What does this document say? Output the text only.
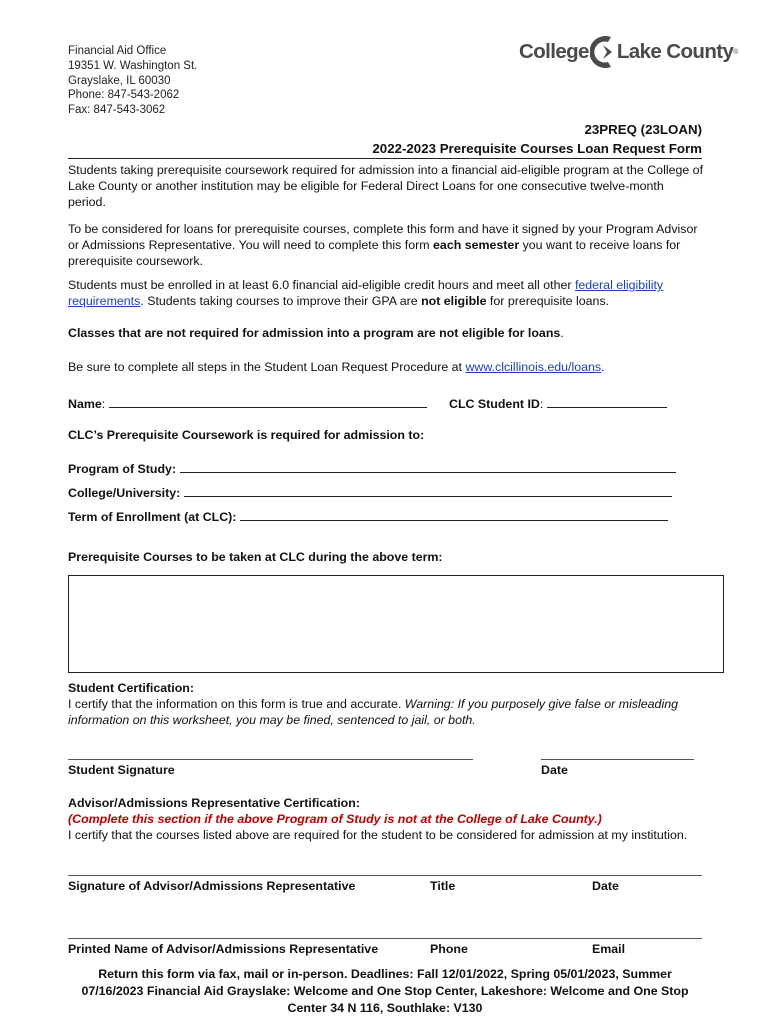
Financial Aid Office
19351 W. Washington St.
Grayslake, IL 60030
Phone: 847-543-2062
Fax: 847-543-3062
College Lake County ®
23PREQ (23LOAN)
2022-2023 Prerequisite Courses Loan Request Form
Students taking prerequisite coursework required for admission into a financial aid-eligible program at the College of Lake County or another institution may be eligible for Federal Direct Loans for one consecutive twelve-month period.
To be considered for loans for prerequisite courses, complete this form and have it signed by your Program Advisor or Admissions Representative. You will need to complete this form each semester you want to receive loans for prerequisite coursework.
Students must be enrolled in at least 6.0 financial aid-eligible credit hours and meet all other federal eligibility requirements. Students taking courses to improve their GPA are not eligible for prerequisite loans.
Classes that are not required for admission into a program are not eligible for loans.
Be sure to complete all steps in the Student Loan Request Procedure at www.clcillinois.edu/loans.
Name:	CLC Student ID:
CLC’s Prerequisite Coursework is required for admission to:
Program of Study:
College/University:
Term of Enrollment (at CLC):
Prerequisite Courses to be taken at CLC during the above term:
Student Certification:
I certify that the information on this form is true and accurate. Warning: If you purposely give false or misleading information on this worksheet, you may be fined, sentenced to jail, or both.
Student Signature	Date
Advisor/Admissions Representative Certification:
(Complete this section if the above Program of Study is not at the College of Lake County.)
I certify that the courses listed above are required for the student to be considered for admission at my institution.
Signature of Advisor/Admissions Representative	Title	Date
Printed Name of Advisor/Admissions Representative	Phone	Email
Return this form via fax, mail or in-person. Deadlines: Fall 12/01/2022, Spring 05/01/2023, Summer
07/16/2023 Financial Aid Grayslake: Welcome and One Stop Center, Lakeshore: Welcome and One Stop
Center 34 N 116, Southlake: V130
